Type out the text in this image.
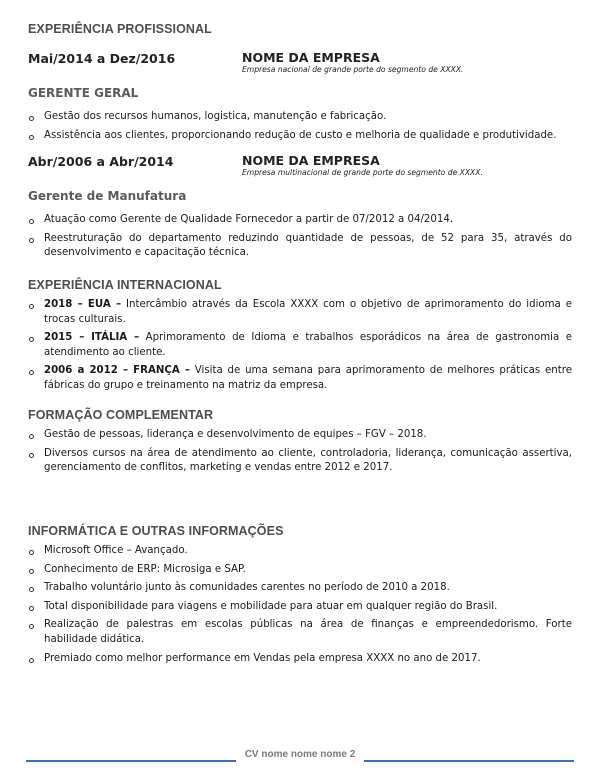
EXPERIÊNCIA PROFISSIONAL
Mai/2014 a Dez/2016	NOME DA EMPRESA
Empresa nacional de grande porte do segmento de XXXX.
GERENTE GERAL
Gestão dos recursos humanos, logistica, manutenção e fabricação.
Assistência aos clientes, proporcionando redução de custo e melhoria de qualidade e produtividade.
Abr/2006 a Abr/2014	NOME DA EMPRESA
Empresa multinacional de grande porte do segmento de XXXX.
Gerente de Manufatura
Atuação como Gerente de Qualidade Fornecedor a partir de 07/2012 a 04/2014.
Reestruturação do departamento reduzindo quantidade de pessoas, de 52 para 35, através do desenvolvimento e capacitação técnica.
EXPERIÊNCIA INTERNACIONAL
2018 – EUA – Intercâmbio através da Escola XXXX com o objetivo de aprimoramento do idioma e trocas culturais.
2015 – ITÁLIA – Aprimoramento de Idioma e trabalhos esporádicos na área de gastronomia e atendimento ao cliente.
2006 a 2012 – FRANÇA – Visita de uma semana para aprimoramento de melhores práticas entre fábricas do grupo e treinamento na matriz da empresa.
FORMAÇÃO COMPLEMENTAR
Gestão de pessoas, liderança e desenvolvimento de equipes – FGV – 2018.
Diversos cursos na área de atendimento ao cliente, controladoria, liderança, comunicação assertiva, gerenciamento de conflitos, marketing e vendas entre 2012 e 2017.
INFORMÁTICA E OUTRAS INFORMAÇÕES
Microsoft Office – Avançado.
Conhecimento de ERP: Microsiga e SAP.
Trabalho voluntário junto às comunidades carentes no período de 2010 a 2018.
Total disponibilidade para viagens e mobilidade para atuar em qualquer região do Brasil.
Realização de palestras em escolas públicas na área de finanças e empreendedorismo. Forte habilidade didática.
Premiado como melhor performance em Vendas pela empresa XXXX no ano de 2017.
CV nome nome nome 2
